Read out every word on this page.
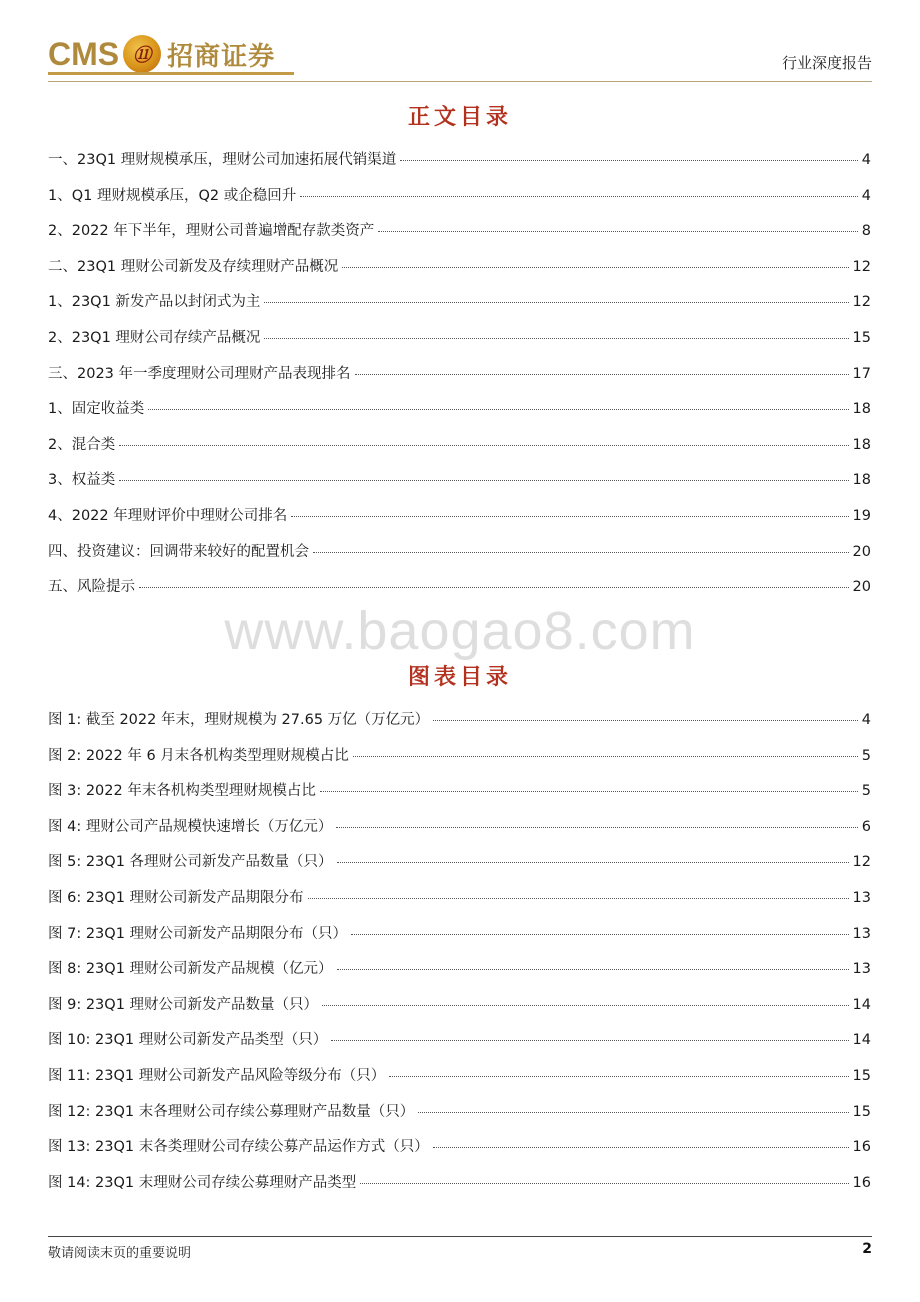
CMS ⑪ 招商证券	行业深度报告
正文目录
一、23Q1 理财规模承压，理财公司加速拓展代销渠道	4
1、Q1 理财规模承压，Q2 或企稳回升	4
2、2022 年下半年，理财公司普遍增配存款类资产	8
二、23Q1 理财公司新发及存续理财产品概况	12
1、23Q1 新发产品以封闭式为主	12
2、23Q1 理财公司存续产品概况	15
三、2023 年一季度理财公司理财产品表现排名	17
1、固定收益类	18
2、混合类	18
3、权益类	18
4、2022 年理财评价中理财公司排名	19
四、投资建议：回调带来较好的配置机会	20
五、风险提示	20
www.baogao8.com
图表目录
图 1: 截至 2022 年末，理财规模为 27.65 万亿（万亿元）	4
图 2: 2022 年 6 月末各机构类型理财规模占比	5
图 3: 2022 年末各机构类型理财规模占比	5
图 4: 理财公司产品规模快速增长（万亿元）	6
图 5: 23Q1 各理财公司新发产品数量（只）	12
图 6: 23Q1 理财公司新发产品期限分布	13
图 7: 23Q1 理财公司新发产品期限分布（只）	13
图 8: 23Q1 理财公司新发产品规模（亿元）	13
图 9: 23Q1 理财公司新发产品数量（只）	14
图 10: 23Q1 理财公司新发产品类型（只）	14
图 11: 23Q1 理财公司新发产品风险等级分布（只）	15
图 12: 23Q1 末各理财公司存续公募理财产品数量（只）	15
图 13: 23Q1 末各类理财公司存续公募产品运作方式（只）	16
图 14: 23Q1 末理财公司存续公募理财产品类型	16
敬请阅读末页的重要说明	2
